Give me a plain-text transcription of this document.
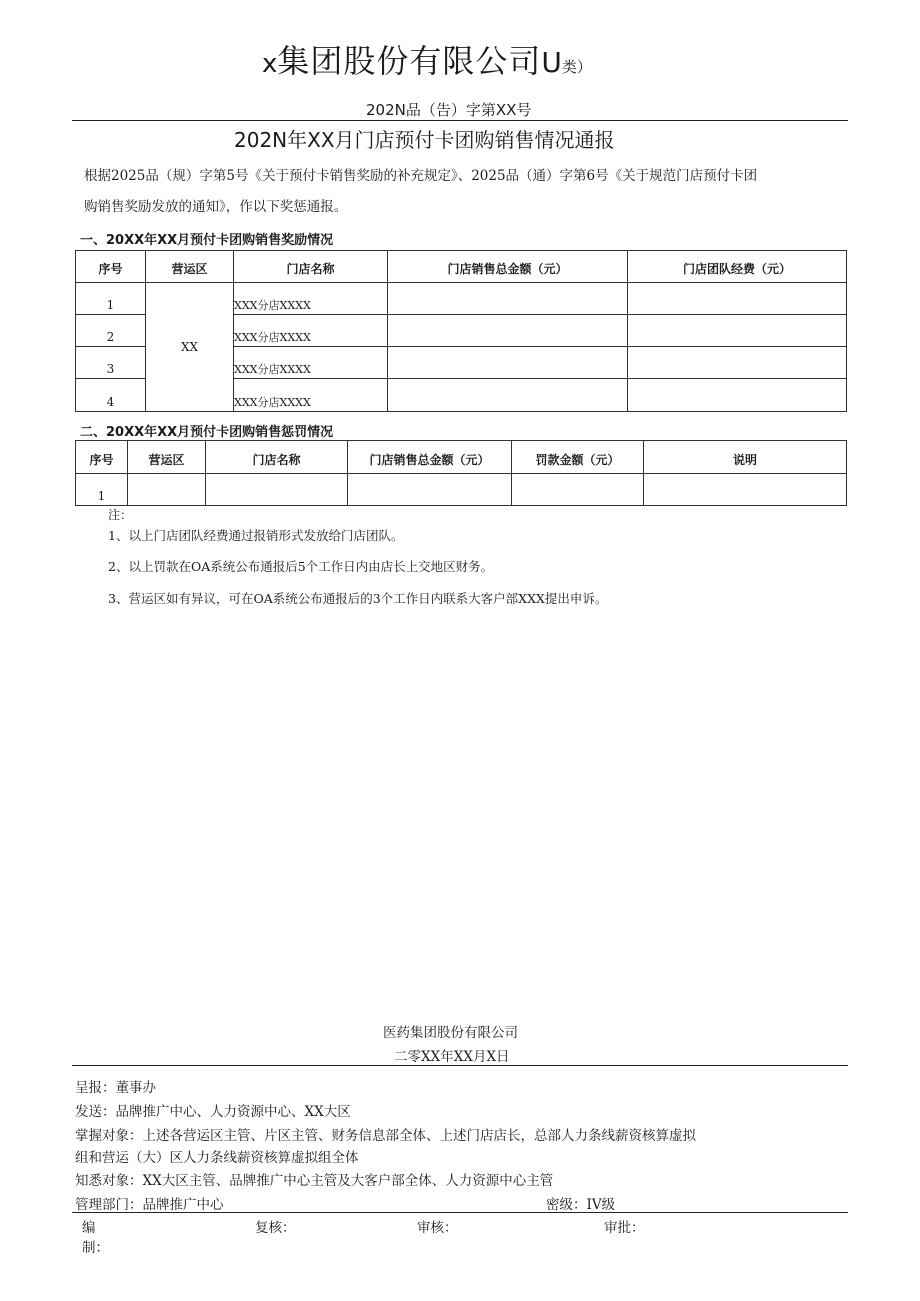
x集团股份有限公司U类）
202N品（告）字第XX号
202N年XX月门店预付卡团购销售情况通报
根据2025品（规）字第5号《关于预付卡销售奖励的补充规定》、2025品（通）字第6号《关于规范门店预付卡团
购销售奖励发放的通知》，作以下奖惩通报。
一、20XX年XX月预付卡团购销售奖励情况
序号	营运区	门店名称	门店销售总金额（元）	门店团队经费（元）
1	XX	XXX分店XXXX		
2		XXX分店XXXX		
3		XXX分店XXXX		
4		XXX分店XXXX		
二、20XX年XX月预付卡团购销售惩罚情况
序号	营运区	门店名称	门店销售总金额（元）	罚款金额（元）	说明
1					
注：
1、以上门店团队经费通过报销形式发放给门店团队。
2、以上罚款在OA系统公布通报后5个工作日内由店长上交地区财务。
3、营运区如有异议，可在OA系统公布通报后的3个工作日内联系大客户部XXX提出申诉。
医药集团股份有限公司
二零XX年XX月X日
呈报：董事办
发送：品牌推广中心、人力资源中心、XX大区
掌握对象：上述各营运区主管、片区主管、财务信息部全体、上述门店店长，总部人力条线薪资核算虚拟
组和营运（大）区人力条线薪资核算虚拟组全体
知悉对象：XX大区主管、品牌推广中心主管及大客户部全体、人力资源中心主管
管理部门：品牌推广中心	密级：IV级
编
制：
复核：	审核：	审批：
